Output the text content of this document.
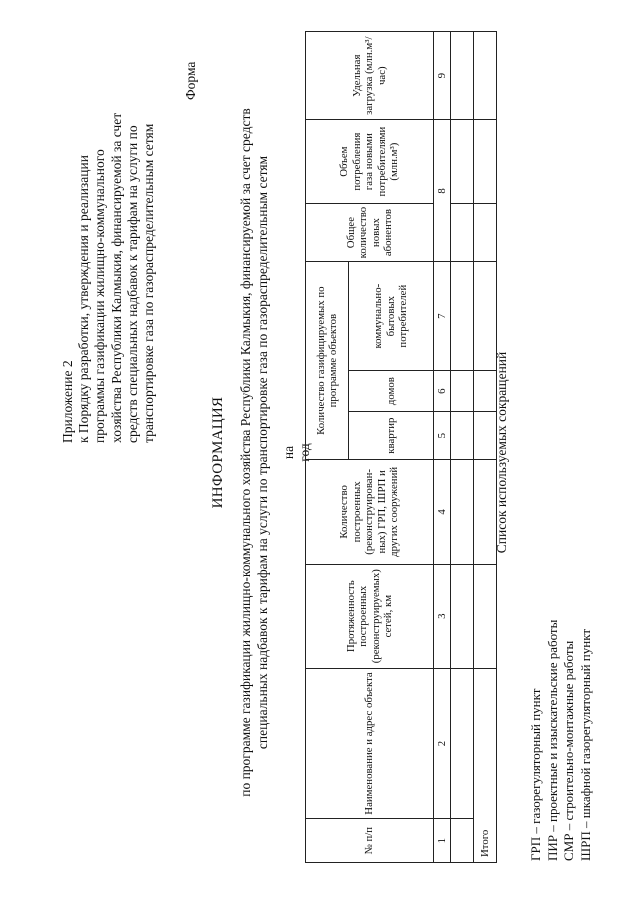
Приложение 2 к Порядку разработки, утверждения и реализации программы газификации жилищно-коммунального хозяйства Республики Калмыкия, финансируемой за счет средств специальных надбавок к тарифам на услуги по транспортировке газа по газораспределительным сетям
Форма
ИНФОРМАЦИЯ по программе газификации жилищно-коммунального хозяйства Республики Калмыкия, финансируемой за счет средств специальных надбавок к тарифам на услуги по транспортировке газа по газораспределительным сетям на год
№ п/п	Наименование и адрес объекта	Протяженность построенных (реконструируемых) сетей, км	Количество построенных (реконструирован-ных) ГРП, ШРП и других сооружений	Количество газифицируемых по программе объектов			Общее количество новых абонентов	Объем потребления газа новыми потребителями (млн.м³)	Удельная загрузка (млн.м³/час)
				квартир	домов	коммунально-бытовых потребителей			
1	2	3	4	5	6	7	8		9

Итого									
Список используемых сокращений
ГРП – газорегуляторный пункт ПИР – проектные и изыскательские работы СМР – строительно-монтажные работы ШРП – шкафной газорегуляторный пункт
